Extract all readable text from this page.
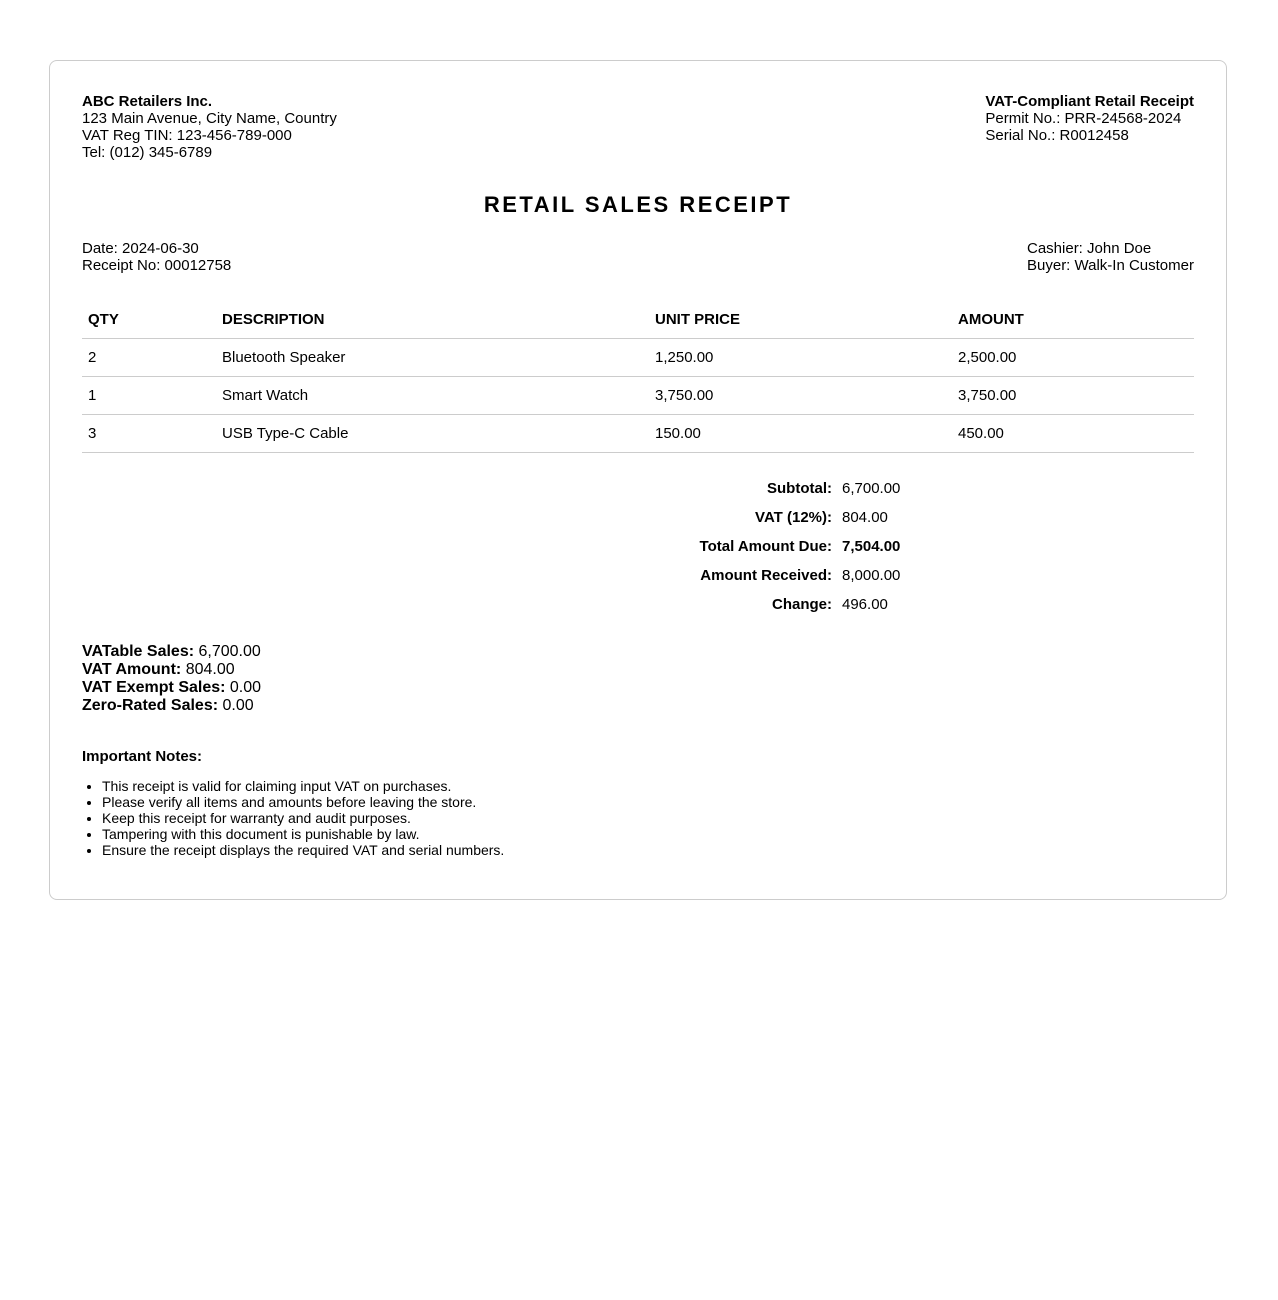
ABC Retailers Inc.
123 Main Avenue, City Name, Country
VAT Reg TIN: 123-456-789-000
Tel: (012) 345-6789
VAT-Compliant Retail Receipt
Permit No.: PRR-24568-2024
Serial No.: R0012458
RETAIL SALES RECEIPT
Date: 2024-06-30
Receipt No: 00012758
Cashier: John Doe
Buyer: Walk-In Customer
QTY	DESCRIPTION	UNIT PRICE	AMOUNT
2	Bluetooth Speaker	1,250.00	2,500.00
1	Smart Watch	3,750.00	3,750.00
3	USB Type-C Cable	150.00	450.00
Subtotal: 6,700.00
VAT (12%): 804.00
Total Amount Due: 7,504.00
Amount Received: 8,000.00
Change: 496.00
VATable Sales: 6,700.00
VAT Amount: 804.00
VAT Exempt Sales: 0.00
Zero-Rated Sales: 0.00
Important Notes:
• This receipt is valid for claiming input VAT on purchases.
• Please verify all items and amounts before leaving the store.
• Keep this receipt for warranty and audit purposes.
• Tampering with this document is punishable by law.
• Ensure the receipt displays the required VAT and serial numbers.
